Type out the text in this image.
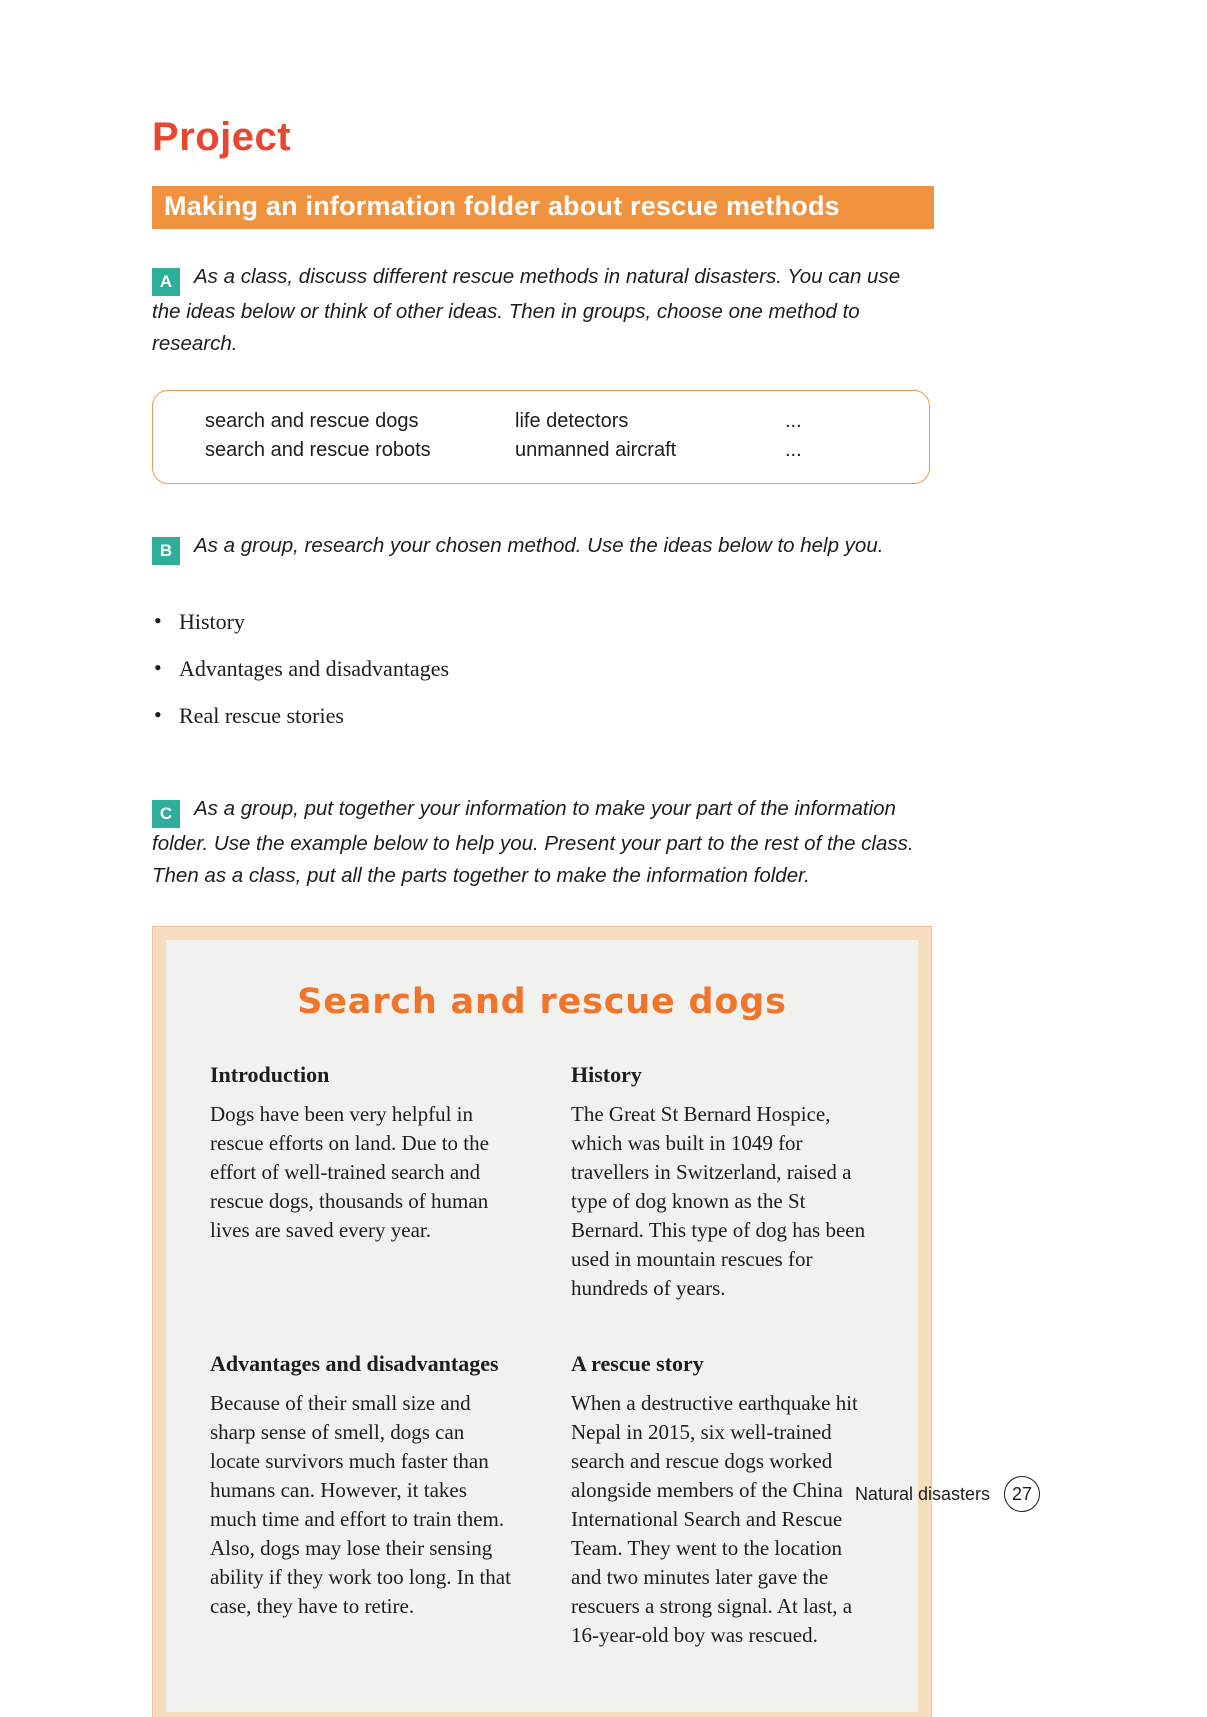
Project
Making an information folder about rescue methods

A As a class, discuss different rescue methods in natural disasters. You can use the ideas below or think of other ideas. Then in groups, choose one method to research.

search and rescue dogs	life detectors	...
search and rescue robots	unmanned aircraft	...

B As a group, research your chosen method. Use the ideas below to help you.

• History
• Advantages and disadvantages
• Real rescue stories

C As a group, put together your information to make your part of the information folder. Use the example below to help you. Present your part to the rest of the class. Then as a class, put all the parts together to make the information folder.

Search and rescue dogs
Introduction

Dogs have been very helpful in rescue efforts on land. Due to the effort of well-trained search and rescue dogs, thousands of human lives are saved every year.

History

The Great St Bernard Hospice, which was built in 1049 for travellers in Switzerland, raised a type of dog known as the St Bernard. This type of dog has been used in mountain rescues for hundreds of years.

Advantages and disadvantages

Because of their small size and sharp sense of smell, dogs can locate survivors much faster than humans can. However, it takes much time and effort to train them. Also, dogs may lose their sensing ability if they work too long. In that case, they have to retire.

A rescue story

When a destructive earthquake hit Nepal in 2015, six well-trained search and rescue dogs worked alongside members of the China International Search and Rescue Team. They went to the location and two minutes later gave the rescuers a strong signal. At last, a 16-year-old boy was rescued.

Natural disasters	27
